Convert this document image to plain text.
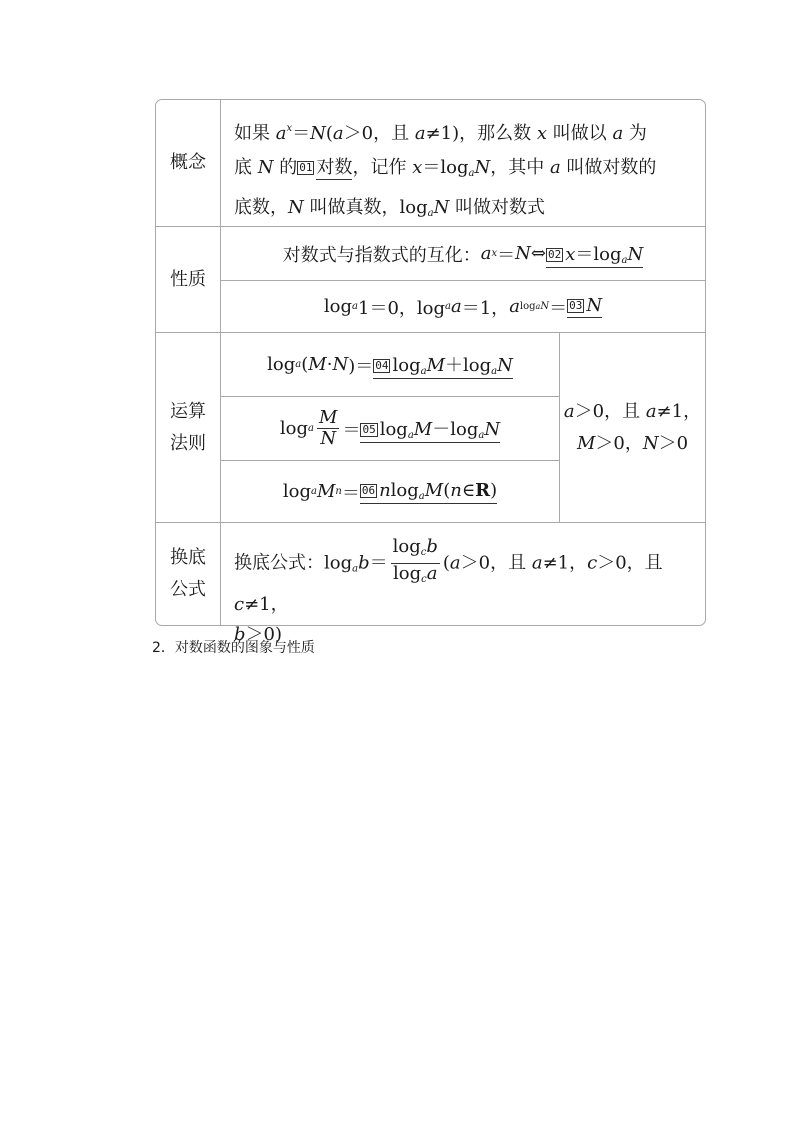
概念
如果 $a^x=N(a>0$，且 a≠1)，那么数 x 叫做以 a 为
底 N 的 01 对数，记作 $x=\log_aN$，其中 a 叫做对数的
底数，N 叫做真数，$\log_aN$ 叫做对数式
性质
对数式与指数式的互化： a x ＝ N ⇔ 02 $x=\log_aN$
log a 1＝0，log a a ＝1， a logaN ＝ 03 N
运算
法则
log a ( M · N )＝ 04 $\log_aM+\log_aN$
log a $\frac{M}{N} = 05$ $\log_aM-\log_aN$
log a M n ＝ 06 nlog$_a$M(n∈R)
a＞0，且 a≠1，
M＞0，N＞0
换底
公式
换底公式：$\log_ab= \frac{\log_cb}{\log_ca} (a>0$，且 a≠1，c＞0，且 c≠1，
b＞0)
2．对数函数的图象与性质
